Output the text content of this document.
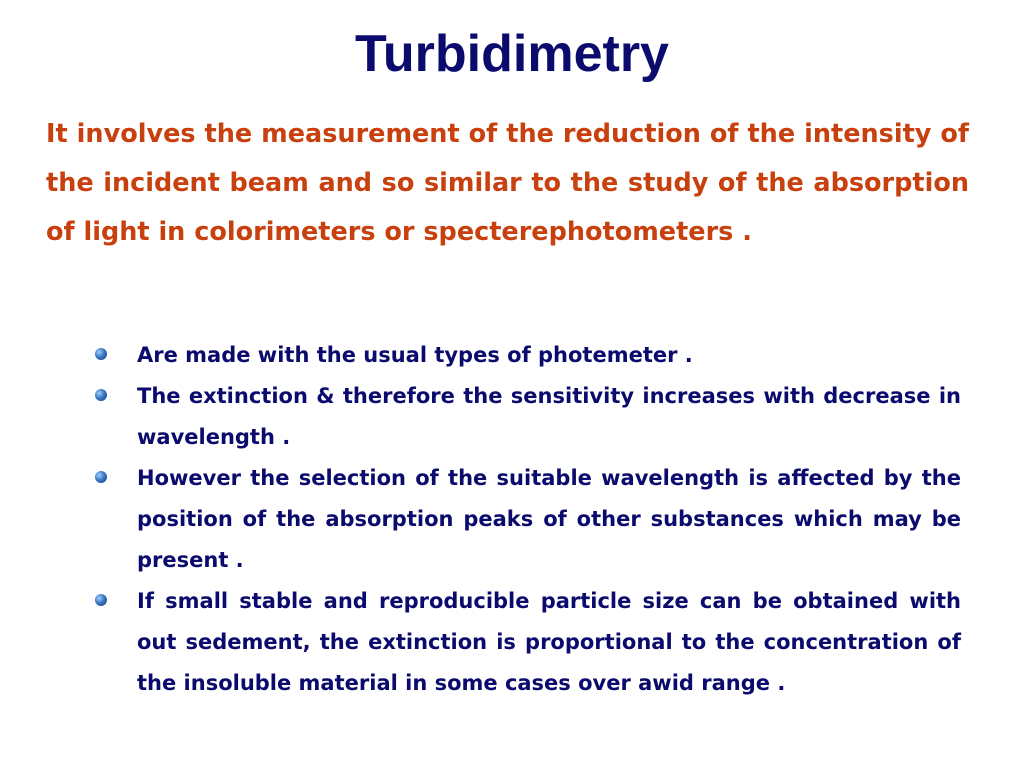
Turbidimetry

It involves the measurement of the reduction of the intensity of the incident beam and so similar to the study of the absorption of light in colorimeters or specterephotometers .

Are made with the usual types of photemeter .
The extinction & therefore the sensitivity increases with decrease in wavelength .
However the selection of the suitable wavelength is affected by the position of the absorption peaks of other substances which may be present .
If small stable and reproducible particle size can be obtained with out sedement, the extinction is proportional to the concentration of the insoluble material in some cases over awid range .
